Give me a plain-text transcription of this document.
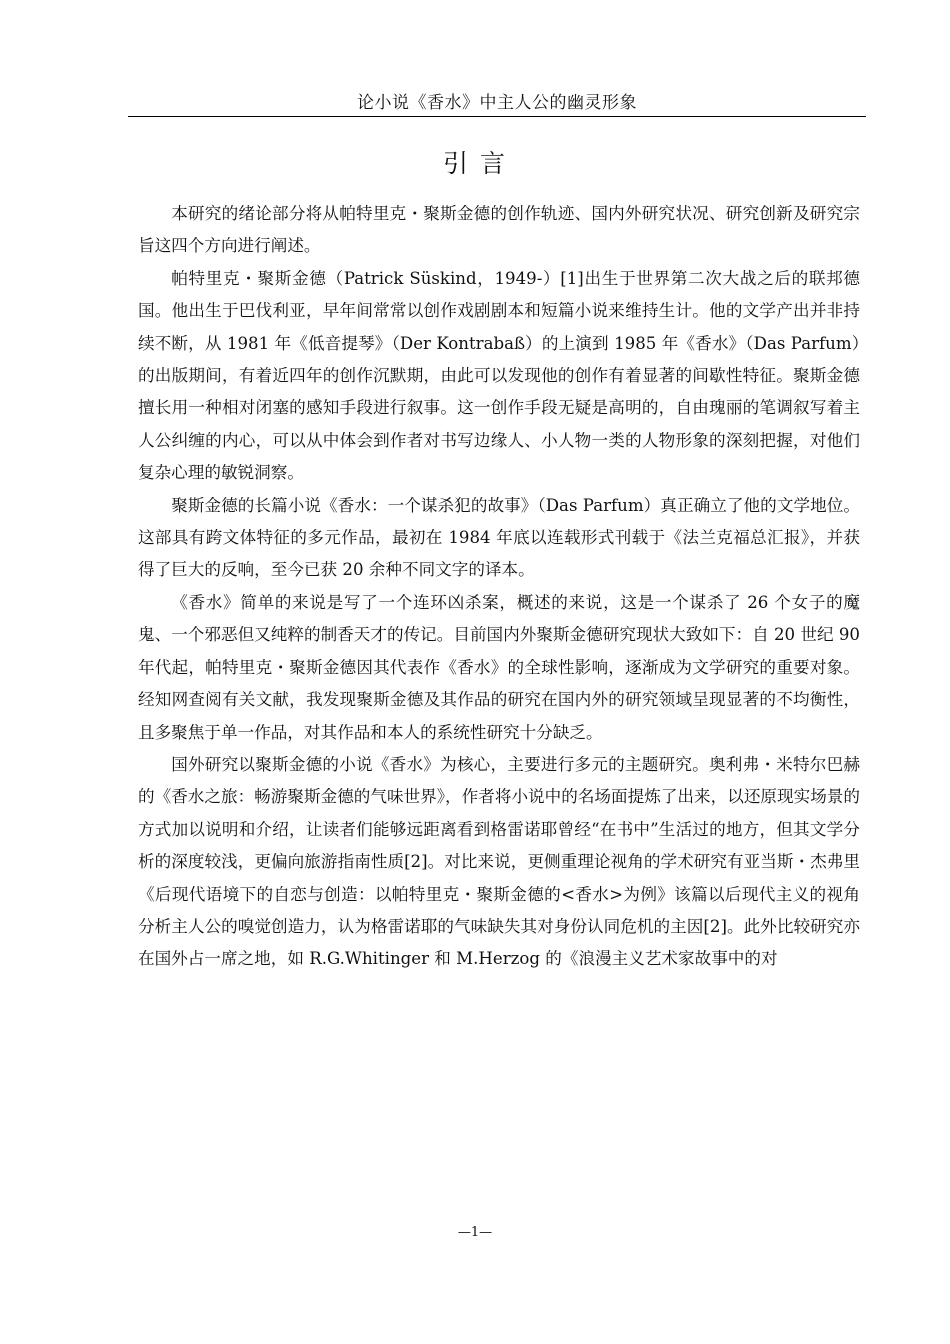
论小说《香水》中主人公的幽灵形象
引 言

本研究的绪论部分将从帕特里克・聚斯金德的创作轨迹、国内外研究状况、研究创新及研究宗旨这四个方向进行阐述。

帕特里克・聚斯金德（Patrick Süskind，1949-）[1]出生于世界第二次大战之后的联邦德国。他出生于巴伐利亚，早年间常常以创作戏剧剧本和短篇小说来维持生计。他的文学产出并非持续不断，从 1981 年《低音提琴》（Der Kontrabaß）的上演到 1985 年《香水》（Das Parfum）的出版期间，有着近四年的创作沉默期，由此可以发现他的创作有着显著的间歇性特征。聚斯金德擅长用一种相对闭塞的感知手段进行叙事。这一创作手段无疑是高明的，自由瑰丽的笔调叙写着主人公纠缠的内心，可以从中体会到作者对书写边缘人、小人物一类的人物形象的深刻把握，对他们复杂心理的敏锐洞察。

聚斯金德的长篇小说《香水：一个谋杀犯的故事》（Das Parfum）真正确立了他的文学地位。这部具有跨文体特征的多元作品，最初在 1984 年底以连载形式刊载于《法兰克福总汇报》，并获得了巨大的反响，至今已获 20 余种不同文字的译本。

《香水》简单的来说是写了一个连环凶杀案，概述的来说，这是一个谋杀了 26 个女子的魔鬼、一个邪恶但又纯粹的制香天才的传记。目前国内外聚斯金德研究现状大致如下：自 20 世纪 90 年代起，帕特里克・聚斯金德因其代表作《香水》的全球性影响，逐渐成为文学研究的重要对象。经知网查阅有关文献，我发现聚斯金德及其作品的研究在国内外的研究领域呈现显著的不均衡性，且多聚焦于单一作品，对其作品和本人的系统性研究十分缺乏。

国外研究以聚斯金德的小说《香水》为核心，主要进行多元的主题研究。奥利弗・米特尔巴赫的《香水之旅：畅游聚斯金德的气味世界》，作者将小说中的名场面提炼了出来，以还原现实场景的方式加以说明和介绍，让读者们能够远距离看到格雷诺耶曾经“在书中”生活过的地方，但其文学分析的深度较浅，更偏向旅游指南性质[2]。对比来说，更侧重理论视角的学术研究有亚当斯・杰弗里《后现代语境下的自恋与创造：以帕特里克・聚斯金德的<香水>为例》该篇以后现代主义的视角分析主人公的嗅觉创造力，认为格雷诺耶的气味缺失其对身份认同危机的主因[2]。此外比较研究亦在国外占一席之地，如 R.G.Whitinger 和 M.Herzog 的《浪漫主义艺术家故事中的对

—1—
